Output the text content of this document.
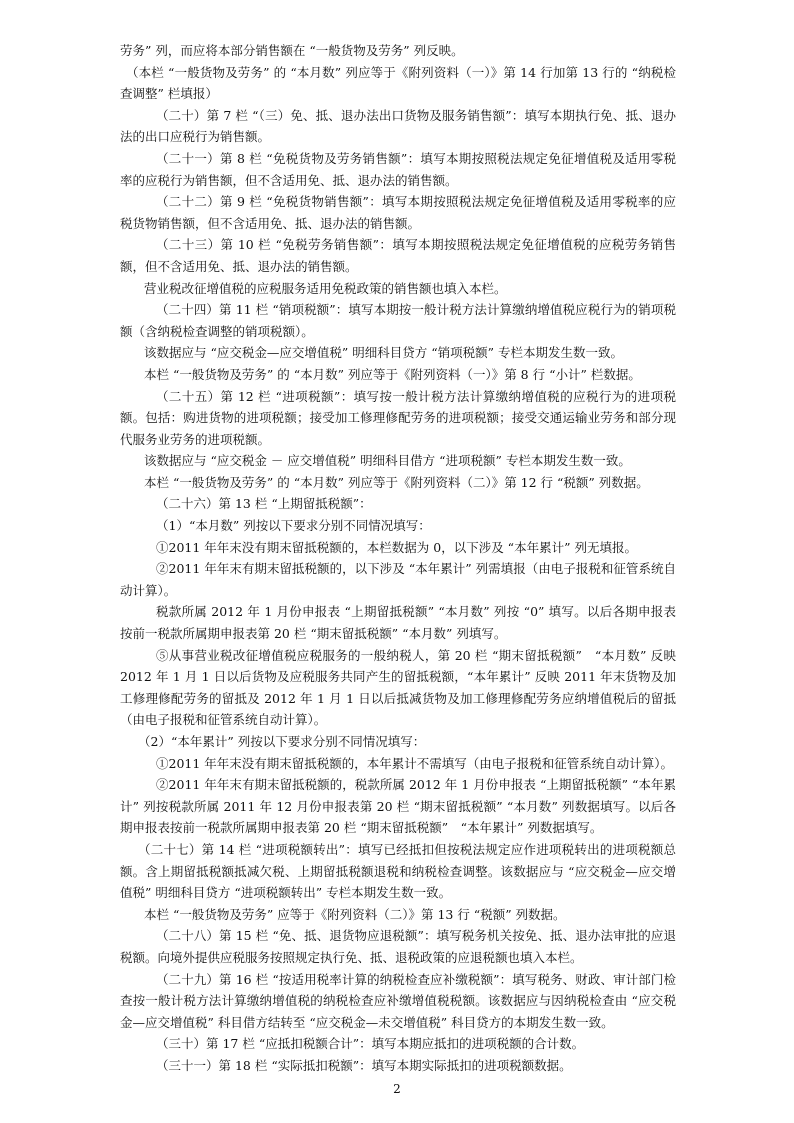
劳务” 列，而应将本部分销售额在 “一般货物及劳务” 列反映。

（本栏 “一般货物及劳务” 的 “本月数” 列应等于《附列资料（一）》第 14 行加第 13 行的 “纳税检查调整” 栏填报）

（二十）第 7 栏 “（三）免、抵、退办法出口货物及服务销售额”：填写本期执行免、抵、退办法的出口应税行为销售额。

（二十一）第 8 栏 “免税货物及劳务销售额”：填写本期按照税法规定免征增值税及适用零税率的应税行为销售额，但不含适用免、抵、退办法的销售额。

（二十二）第 9 栏 “免税货物销售额”：填写本期按照税法规定免征增值税及适用零税率的应税货物销售额，但不含适用免、抵、退办法的销售额。

（二十三）第 10 栏 “免税劳务销售额”：填写本期按照税法规定免征增值税的应税劳务销售额，但不含适用免、抵、退办法的销售额。

营业税改征增值税的应税服务适用免税政策的销售额也填入本栏。

（二十四）第 11 栏 “销项税额”：填写本期按一般计税方法计算缴纳增值税应税行为的销项税额（含纳税检查调整的销项税额）。

该数据应与 “应交税金—应交增值税” 明细科目贷方 “销项税额” 专栏本期发生数一致。

本栏 “一般货物及劳务” 的 “本月数” 列应等于《附列资料（一）》第 8 行 “小计” 栏数据。

（二十五）第 12 栏 “进项税额”：填写按一般计税方法计算缴纳增值税的应税行为的进项税额。包括：购进货物的进项税额；接受加工修理修配劳务的进项税额；接受交通运输业劳务和部分现代服务业劳务的进项税额。

该数据应与 “应交税金 － 应交增值税” 明细科目借方 “进项税额” 专栏本期发生数一致。

本栏 “一般货物及劳务” 的 “本月数” 列应等于《附列资料（二）》第 12 行 “税额” 列数据。

（二十六）第 13 栏 “上期留抵税额”：

（1）“本月数” 列按以下要求分别不同情况填写：

①2011 年年末没有期末留抵税额的，本栏数据为 0，以下涉及 “本年累计” 列无填报。

②2011 年年末有期末留抵税额的，以下涉及 “本年累计” 列需填报（由电子报税和征管系统自动计算）。

税款所属 2012 年 1 月份申报表 “上期留抵税额” “本月数” 列按 “0” 填写。以后各期申报表按前一税款所属期申报表第 20 栏 “期末留抵税额” “本月数” 列填写。

⑤从事营业税改征增值税应税服务的一般纳税人，第 20 栏 “期末留抵税额”　“本月数” 反映 2012 年 1 月 1 日以后货物及应税服务共同产生的留抵税额，“本年累计” 反映 2011 年末货物及加工修理修配劳务的留抵及 2012 年 1 月 1 日以后抵减货物及加工修理修配劳务应纳增值税后的留抵（由电子报税和征管系统自动计算）。

（2）“本年累计” 列按以下要求分别不同情况填写：

①2011 年年末没有期末留抵税额的，本年累计不需填写（由电子报税和征管系统自动计算）。

②2011 年年末有期末留抵税额的，税款所属 2012 年 1 月份申报表 “上期留抵税额” “本年累计” 列按税款所属 2011 年 12 月份申报表第 20 栏 “期末留抵税额” “本月数” 列数据填写。以后各期申报表按前一税款所属期申报表第 20 栏 “期末留抵税额”　“本年累计” 列数据填写。

（二十七）第 14 栏 “进项税额转出”：填写已经抵扣但按税法规定应作进项税转出的进项税额总额。含上期留抵税额抵减欠税、上期留抵税额退税和纳税检查调整。该数据应与 “应交税金—应交增值税” 明细科目贷方 “进项税额转出” 专栏本期发生数一致。

本栏 “一般货物及劳务” 应等于《附列资料（二）》第 13 行 “税额” 列数据。

（二十八）第 15 栏 “免、抵、退货物应退税额”：填写税务机关按免、抵、退办法审批的应退税额。向境外提供应税服务按照规定执行免、抵、退税政策的应退税额也填入本栏。

（二十九）第 16 栏 “按适用税率计算的纳税检查应补缴税额”：填写税务、财政、审计部门检查按一般计税方法计算缴纳增值税的纳税检查应补缴增值税税额。该数据应与因纳税检查由 “应交税金—应交增值税” 科目借方结转至 “应交税金—未交增值税” 科目贷方的本期发生数一致。

（三十）第 17 栏 “应抵扣税额合计”：填写本期应抵扣的进项税额的合计数。

（三十一）第 18 栏 “实际抵扣税额”：填写本期实际抵扣的进项税额数据。

2
